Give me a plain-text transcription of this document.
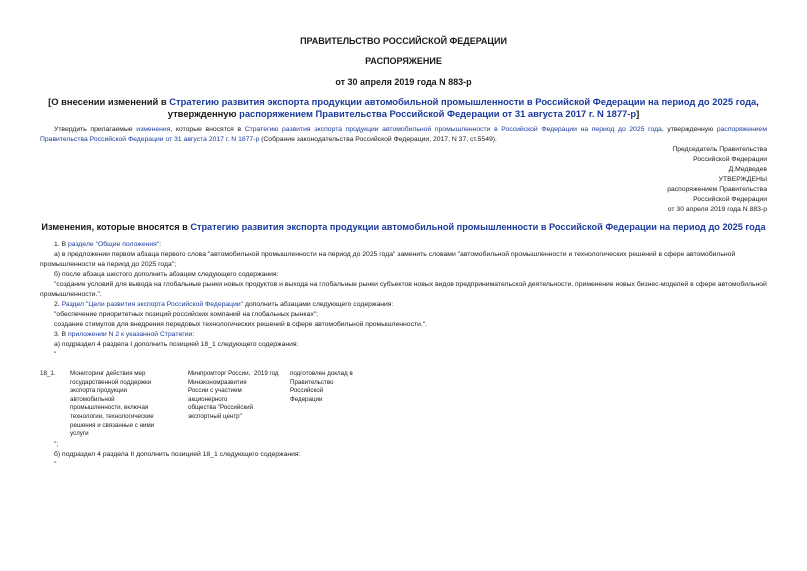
ПРАВИТЕЛЬСТВО РОССИЙСКОЙ ФЕДЕРАЦИИ
РАСПОРЯЖЕНИЕ
от 30 апреля 2019 года N 883-р
[О внесении изменений в Стратегию развития экспорта продукции автомобильной промышленности в Российской Федерации на период до 2025 года, утвержденную распоряжением Правительства Российской Федерации от 31 августа 2017 г. N 1877-р]
Утвердить прилагаемые изменения, которые вносятся в Стратегию развития экспорта продукции автомобильной промышленности в Российской Федерации на период до 2025 года, утвержденную распоряжением Правительства Российской Федерации от 31 августа 2017 г. N 1877-р (Собрание законодательства Российской Федерации, 2017, N 37, ст.5549).
Председатель Правительства
Российской Федерации
Д.Медведев
УТВЕРЖДЕНЫ
распоряжением Правительства
Российской Федерации
от 30 апреля 2019 года N 883-р
Изменения, которые вносятся в Стратегию развития экспорта продукции автомобильной промышленности в Российской Федерации на период до 2025 года
1. В разделе "Общие положения":
а) в предложении первом абзаца первого слова "автомобильной промышленности на период до 2025 года" заменить словами "автомобильной промышленности и технологических решений в сфере автомобильной промышленности на период до 2025 года";
б) после абзаца шестого дополнить абзацем следующего содержания:
"создание условий для вывода на глобальные рынки новых продуктов и выхода на глобальные рынки субъектов новых видов предпринимательской деятельности, применение новых бизнес-моделей в сфере автомобильной промышленности.".
2. Раздел "Цели развития экспорта Российской Федерации" дополнить абзацами следующего содержания:
"обеспечение приоритетных позиций российских компаний на глобальных рынках";
создание стимулов для внедрения передовых технологических решений в сфере автомобильной промышленности.".
3. В приложении N 2 к указанной Стратегии:
а) подраздел 4 раздела I дополнить позицией 18_1 следующего содержания:
"
18_1.	Мониторинг действия мер государственной поддержки экспорта продукции автомобильной промышленности, включая технологии, технологические решения и связанные с ними услуги
Минпромторг России, Минэкономразвития России с участием акционерного общества "Российский экспортный центр"
2019 год	подготовлен доклад в Правительство Российской Федерации
";
б) подраздел 4 раздела II дополнить позицией 18_1 следующего содержания:
"
